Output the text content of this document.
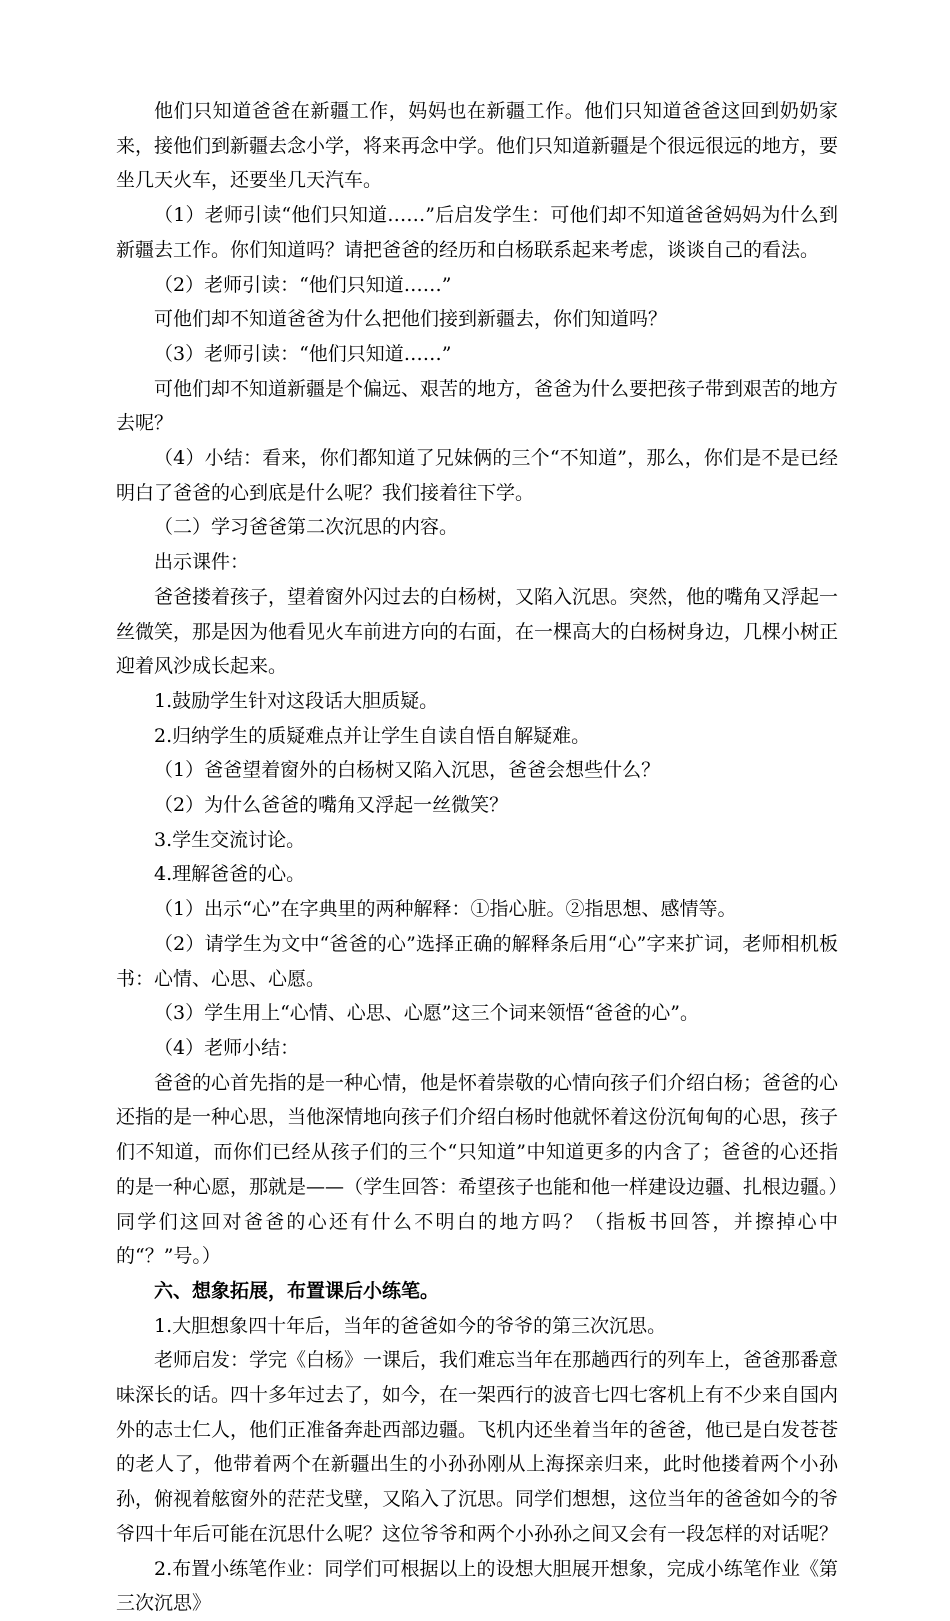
他们只知道爸爸在新疆工作，妈妈也在新疆工作。他们只知道爸爸这回到奶奶家来，接他们到新疆去念小学，将来再念中学。他们只知道新疆是个很远很远的地方，要坐几天火车，还要坐几天汽车。

（1）老师引读“他们只知道……”后启发学生：可他们却不知道爸爸妈妈为什么到新疆去工作。你们知道吗？请把爸爸的经历和白杨联系起来考虑，谈谈自己的看法。

（2）老师引读：“他们只知道……”

可他们却不知道爸爸为什么把他们接到新疆去，你们知道吗？

（3）老师引读：“他们只知道……”

可他们却不知道新疆是个偏远、艰苦的地方，爸爸为什么要把孩子带到艰苦的地方去呢？

（4）小结：看来，你们都知道了兄妹俩的三个“不知道”，那么，你们是不是已经明白了爸爸的心到底是什么呢？我们接着往下学。

（二）学习爸爸第二次沉思的内容。

出示课件：

爸爸搂着孩子，望着窗外闪过去的白杨树，又陷入沉思。突然，他的嘴角又浮起一丝微笑，那是因为他看见火车前进方向的右面，在一棵高大的白杨树身边，几棵小树正迎着风沙成长起来。

1.鼓励学生针对这段话大胆质疑。

2.归纳学生的质疑难点并让学生自读自悟自解疑难。

（1）爸爸望着窗外的白杨树又陷入沉思，爸爸会想些什么？

（2）为什么爸爸的嘴角又浮起一丝微笑？

3.学生交流讨论。

4.理解爸爸的心。

（1）出示“心”在字典里的两种解释：①指心脏。②指思想、感情等。

（2）请学生为文中“爸爸的心”选择正确的解释条后用“心”字来扩词，老师相机板书：心情、心思、心愿。

（3）学生用上“心情、心思、心愿”这三个词来领悟“爸爸的心”。

（4）老师小结：

爸爸的心首先指的是一种心情，他是怀着崇敬的心情向孩子们介绍白杨；爸爸的心还指的是一种心思，当他深情地向孩子们介绍白杨时他就怀着这份沉甸甸的心思，孩子们不知道，而你们已经从孩子们的三个“只知道”中知道更多的内含了；爸爸的心还指的是一种心愿，那就是——（学生回答：希望孩子也能和他一样建设边疆、扎根边疆。）同学们这回对爸爸的心还有什么不明白的地方吗？（指板书回答，并擦掉心中的“？”号。）

六、想象拓展，布置课后小练笔。

1.大胆想象四十年后，当年的爸爸如今的爷爷的第三次沉思。

老师启发：学完《白杨》一课后，我们难忘当年在那趟西行的列车上，爸爸那番意味深长的话。四十多年过去了，如今，在一架西行的波音七四七客机上有不少来自国内外的志士仁人，他们正准备奔赴西部边疆。飞机内还坐着当年的爸爸，他已是白发苍苍的老人了，他带着两个在新疆出生的小孙孙刚从上海探亲归来，此时他搂着两个小孙孙，俯视着舷窗外的茫茫戈壁，又陷入了沉思。同学们想想，这位当年的爸爸如今的爷爷四十年后可能在沉思什么呢？这位爷爷和两个小孙孙之间又会有一段怎样的对话呢？

2.布置小练笔作业：同学们可根据以上的设想大胆展开想象，完成小练笔作业《第三次沉思》
